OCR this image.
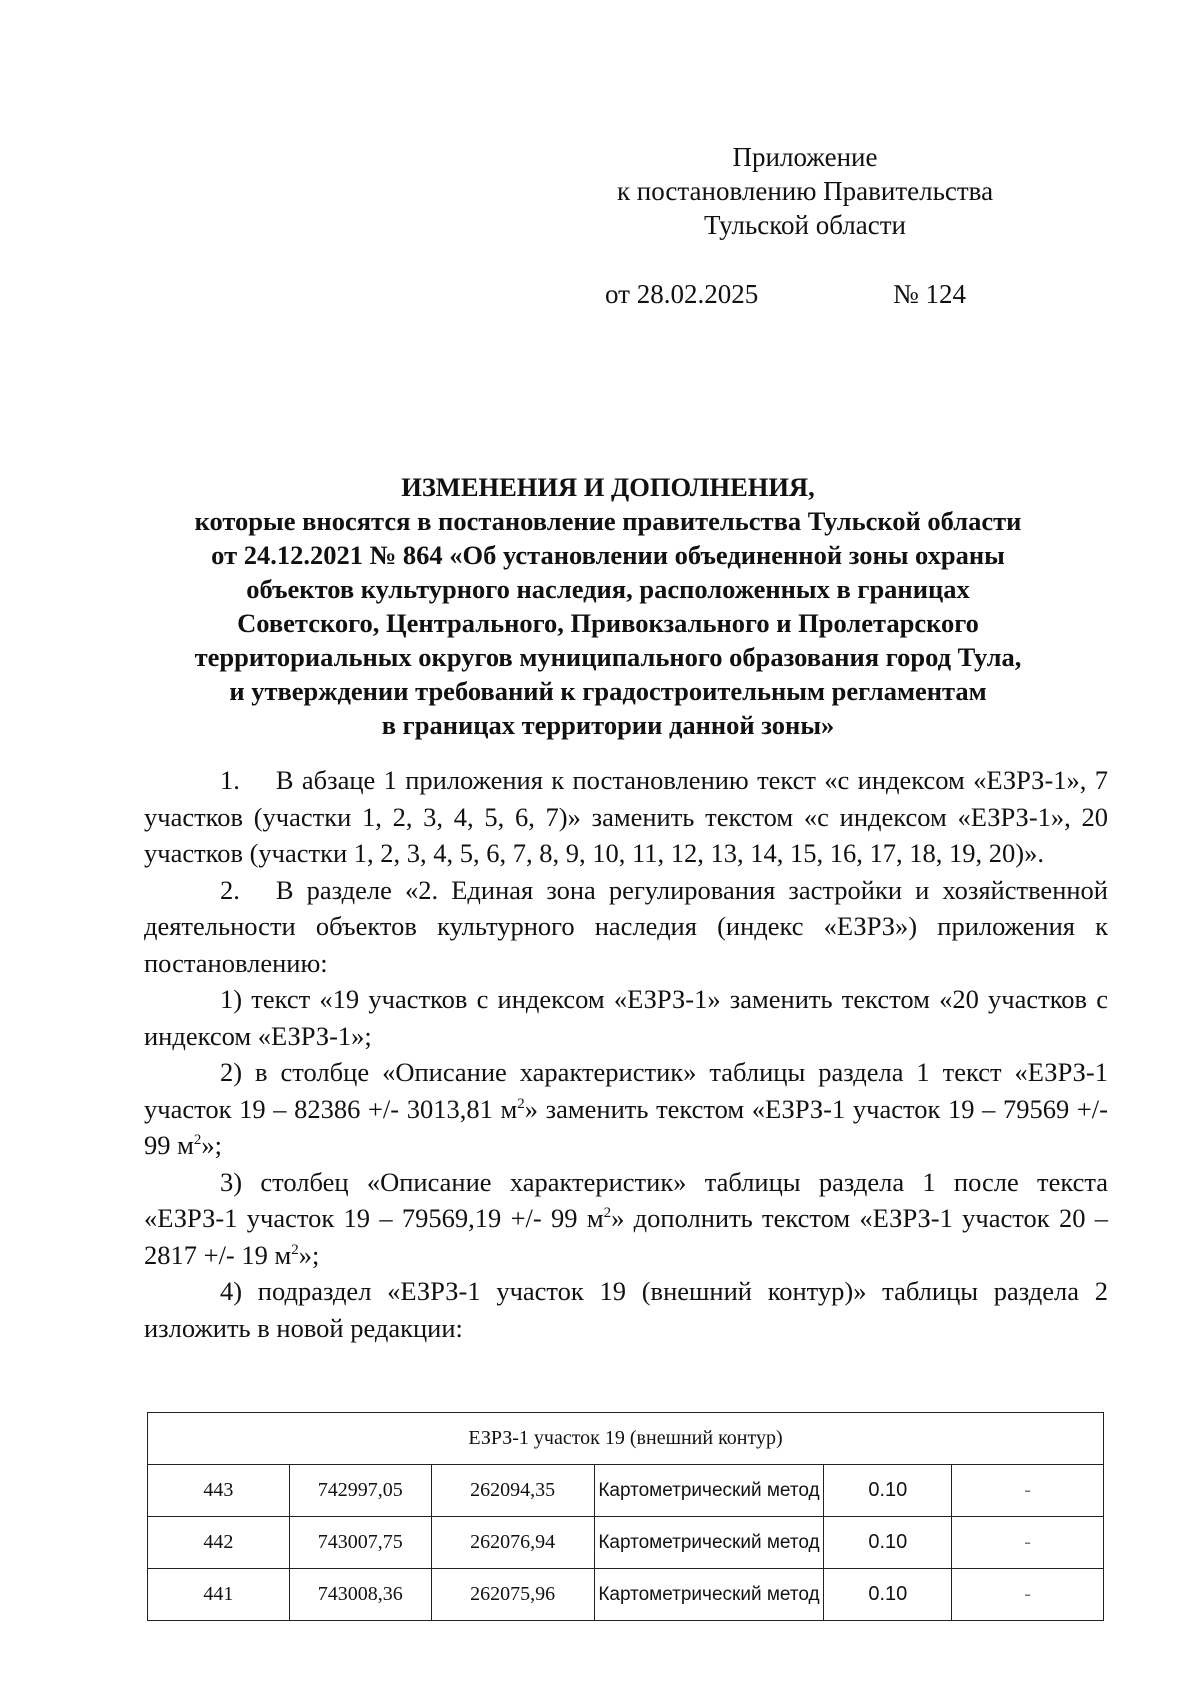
Приложение
к постановлению Правительства
Тульской области
от 28.02.2025	№ 124
ИЗМЕНЕНИЯ И ДОПОЛНЕНИЯ,
которые вносятся в постановление правительства Тульской области
от 24.12.2021 № 864 «Об установлении объединенной зоны охраны
объектов культурного наследия, расположенных в границах
Советского, Центрального, Привокзального и Пролетарского
территориальных округов муниципального образования город Тула,
и утверждении требований к градостроительным регламентам
в границах территории данной зоны»

1. В абзаце 1 приложения к постановлению текст «с индексом «ЕЗРЗ-1», 7 участков (участки 1, 2, 3, 4, 5, 6, 7)» заменить текстом «с индексом «ЕЗРЗ-1», 20 участков (участки 1, 2, 3, 4, 5, 6, 7, 8, 9, 10, 11, 12, 13, 14, 15, 16, 17, 18, 19, 20)».

2. В разделе «2. Единая зона регулирования застройки и хозяйственной деятельности объектов культурного наследия (индекс «ЕЗРЗ») приложения к постановлению:

1) текст «19 участков с индексом «ЕЗРЗ-1» заменить текстом «20 участков с индексом «ЕЗРЗ-1»;

2) в столбце «Описание характеристик» таблицы раздела 1 текст «ЕЗРЗ-1 участок 19 – 82386 +/- 3013,81 $м^2$» заменить текстом «ЕЗРЗ-1 участок 19 – 79569 +/- 99 $м^2$»;

3) столбец «Описание характеристик» таблицы раздела 1 после текста «ЕЗРЗ-1 участок 19 – 79569,19 +/- 99 $м^2$» дополнить текстом «ЕЗРЗ-1 участок 20 – 2817 +/- 19 $м^2$»;

4) подраздел «ЕЗРЗ-1 участок 19 (внешний контур)» таблицы раздела 2 изложить в новой редакции:

ЕЗРЗ-1 участок 19 (внешний контур)					
443	742997,05	262094,35	Картометрический метод	0.10	-
442	743007,75	262076,94	Картометрический метод	0.10	-
441	743008,36	262075,96	Картометрический метод	0.10	-
